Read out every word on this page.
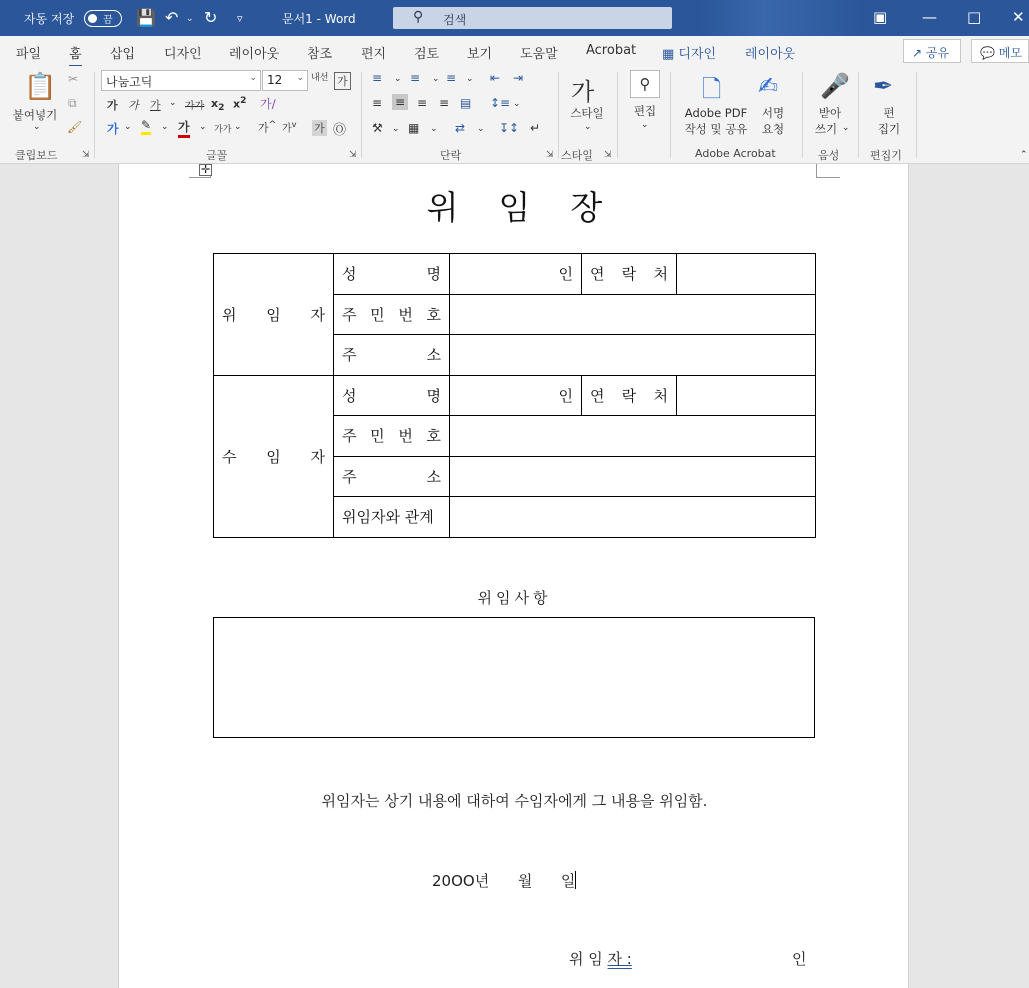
자동 저장	끔 💾 ↶ ⌄ ↻ ▿	문서1 - Word	⚲ 검색	▣ — □ ✕
파일 홈 삽입 디자인 레이아웃 참조 편지 검토 보기 도움말 Acrobat ▦ 디자인 레이아웃	↗ 공유	💬 메모
📋
붙여넣기
⌄
✂
⧉
🖌
클립보드	⇲
나눔고딕	⌄ 12 ⌄ 내선 가
가 가 가 ⌄ 가가 $x_2$ $x^2$ 가∕
가 ⌄ ✎ ⌄ 가 ⌄ 가가 ⌄ 가^ 가$^v$ 가 Ⓞ
글꼴	⇲
≡ ⌄ ≡ ⌄ ≡ ⌄ ⇤ ⇥
≡ ≡ ≡ ≡ ▤ ↕≡ ⌄
⚒ ⌄ ▦ ⌄ ⇄ ⌄ ↧↕ ↵
단락	⇲
가
스타일
⌄
스타일 ⇲
⚲
편집
⌄
🗋
Adobe PDF
작성 및 공유
✍
서명
요청
Adobe Acrobat
🎤
받아
쓰기 ⌄
음성
✒
편
집기
편집기	⌃
✛
위임장
위 임 자	성 명	인	연 락 처	

	주 민 번 호			

	주 소			

수 임 자	성 명	인	연 락 처	

	주 민 번 호			

	주 소			

	위임자와 관계			
위임사항
위임자는 상기 내용에 대하여 수임자에게 그 내용을 위임함.
20OO년 월 일
위 임 자 :	인
